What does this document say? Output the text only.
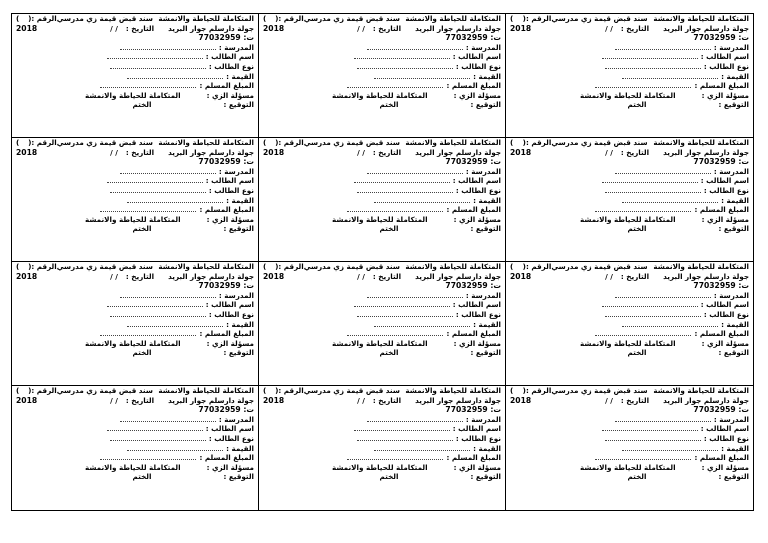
المتكاملة للحياطة والانمشة
سند قبض قيمة زي مدرسي
الرقم :(
)
جولة دارسلم جوار البريد
التاريخ :
/ /
2018
ت: 77032959
المدرسة :
اسم الطالب :
نوع الطالب :
القيمة :
المبلغ المسلم :
مسؤلة الزي :
المتكاملة للحياطة والانمشة
التوقيع :
الختم
المتكاملة للحياطة والانمشة
سند قبض قيمة زي مدرسي
الرقم :(
)
جولة دارسلم جوار البريد
التاريخ :
/ /
2018
ت: 77032959
المدرسة :
اسم الطالب :
نوع الطالب :
القيمة :
المبلغ المسلم :
مسؤلة الزي :
المتكاملة للحياطة والانمشة
التوقيع :
الختم
المتكاملة للحياطة والانمشة
سند قبض قيمة زي مدرسي
الرقم :(
)
جولة دارسلم جوار البريد
التاريخ :
/ /
2018
ت: 77032959
المدرسة :
اسم الطالب :
نوع الطالب :
القيمة :
المبلغ المسلم :
مسؤلة الزي :
المتكاملة للحياطة والانمشة
التوقيع :
الختم
المتكاملة للحياطة والانمشة
سند قبض قيمة زي مدرسي
الرقم :(
)
جولة دارسلم جوار البريد
التاريخ :
/ /
2018
ت: 77032959
المدرسة :
اسم الطالب :
نوع الطالب :
القيمة :
المبلغ المسلم :
مسؤلة الزي :
المتكاملة للحياطة والانمشة
التوقيع :
الختم
المتكاملة للحياطة والانمشة
سند قبض قيمة زي مدرسي
الرقم :(
)
جولة دارسلم جوار البريد
التاريخ :
/ /
2018
ت: 77032959
المدرسة :
اسم الطالب :
نوع الطالب :
القيمة :
المبلغ المسلم :
مسؤلة الزي :
المتكاملة للحياطة والانمشة
التوقيع :
الختم
المتكاملة للحياطة والانمشة
سند قبض قيمة زي مدرسي
الرقم :(
)
جولة دارسلم جوار البريد
التاريخ :
/ /
2018
ت: 77032959
المدرسة :
اسم الطالب :
نوع الطالب :
القيمة :
المبلغ المسلم :
مسؤلة الزي :
المتكاملة للحياطة والانمشة
التوقيع :
الختم
المتكاملة للحياطة والانمشة
سند قبض قيمة زي مدرسي
الرقم :(
)
جولة دارسلم جوار البريد
التاريخ :
/ /
2018
ت: 77032959
المدرسة :
اسم الطالب :
نوع الطالب :
القيمة :
المبلغ المسلم :
مسؤلة الزي :
المتكاملة للحياطة والانمشة
التوقيع :
الختم
المتكاملة للحياطة والانمشة
سند قبض قيمة زي مدرسي
الرقم :(
)
جولة دارسلم جوار البريد
التاريخ :
/ /
2018
ت: 77032959
المدرسة :
اسم الطالب :
نوع الطالب :
القيمة :
المبلغ المسلم :
مسؤلة الزي :
المتكاملة للحياطة والانمشة
التوقيع :
الختم
المتكاملة للحياطة والانمشة
سند قبض قيمة زي مدرسي
الرقم :(
)
جولة دارسلم جوار البريد
التاريخ :
/ /
2018
ت: 77032959
المدرسة :
اسم الطالب :
نوع الطالب :
القيمة :
المبلغ المسلم :
مسؤلة الزي :
المتكاملة للحياطة والانمشة
التوقيع :
الختم
المتكاملة للحياطة والانمشة
سند قبض قيمة زي مدرسي
الرقم :(
)
جولة دارسلم جوار البريد
التاريخ :
/ /
2018
ت: 77032959
المدرسة :
اسم الطالب :
نوع الطالب :
القيمة :
المبلغ المسلم :
مسؤلة الزي :
المتكاملة للحياطة والانمشة
التوقيع :
الختم
المتكاملة للحياطة والانمشة
سند قبض قيمة زي مدرسي
الرقم :(
)
جولة دارسلم جوار البريد
التاريخ :
/ /
2018
ت: 77032959
المدرسة :
اسم الطالب :
نوع الطالب :
القيمة :
المبلغ المسلم :
مسؤلة الزي :
المتكاملة للحياطة والانمشة
التوقيع :
الختم
المتكاملة للحياطة والانمشة
سند قبض قيمة زي مدرسي
الرقم :(
)
جولة دارسلم جوار البريد
التاريخ :
/ /
2018
ت: 77032959
المدرسة :
اسم الطالب :
نوع الطالب :
القيمة :
المبلغ المسلم :
مسؤلة الزي :
المتكاملة للحياطة والانمشة
التوقيع :
الختم
